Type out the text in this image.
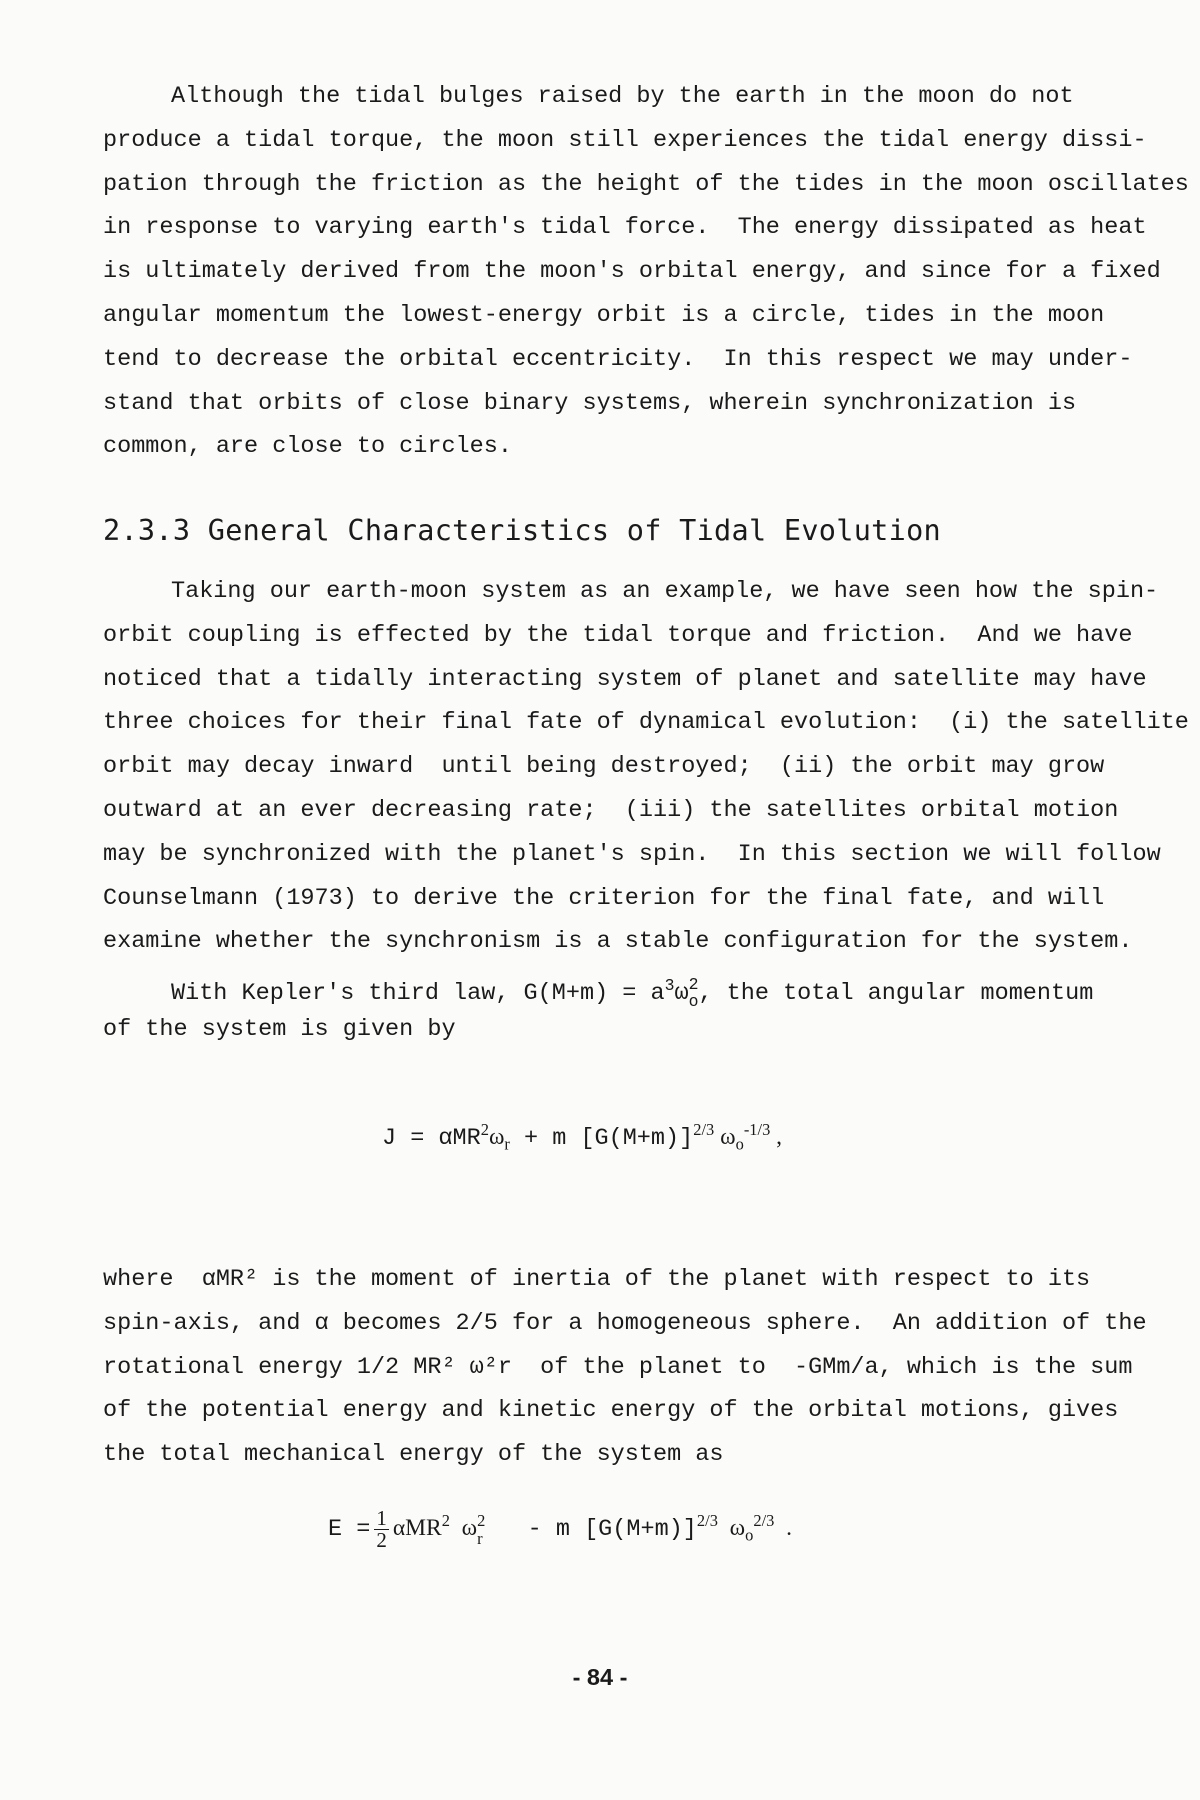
Although the tidal bulges raised by the earth in the moon do not
produce a tidal torque, the moon still experiences the tidal energy dissi-
pation through the friction as the height of the tides in the moon oscillates
in response to varying earth's tidal force.  The energy dissipated as heat
is ultimately derived from the moon's orbital energy, and since for a fixed
angular momentum the lowest-energy orbit is a circle, tides in the moon
tend to decrease the orbital eccentricity.  In this respect we may under-
stand that orbits of close binary systems, wherein synchronization is
common, are close to circles.
2.3.3 General Characteristics of Tidal Evolution
Taking our earth-moon system as an example, we have seen how the spin-
orbit coupling is effected by the tidal torque and friction.  And we have
noticed that a tidally interacting system of planet and satellite may have
three choices for their final fate of dynamical evolution:  (i) the satellite
orbit may decay inward  until being destroyed;  (ii) the orbit may grow
outward at an ever decreasing rate;  (iii) the satellites orbital motion
may be synchronized with the planet's spin.  In this section we will follow
Counselmann (1973) to derive the criterion for the final fate, and will
examine whether the synchronism is a stable configuration for the system.
With Kepler's third law, $G(M+m) = a^3\omega$ 2
o , the total angular momentum
of the system is given by
$J = \alpha MR^2\omega_r + m$ $[G(M+m)]^{2/3}$ $\omega_o^{-1/3}$ ,
where  αMR² is the moment of inertia of the planet with respect to its
spin-axis, and α becomes 2/5 for a homogeneous sphere.  An addition of the
rotational energy 1/2 MR² ω²r  of the planet to  -GMm/a, which is the sum
of the potential energy and kinetic energy of the orbital motions, gives
the total mechanical energy of the system as
$E = \frac{1}{2} \alpha MR^2$  ω 2
r - m $[G(M+m)]^{2/3}$  $\omega_o^{2/3}$  .
- 84 -
